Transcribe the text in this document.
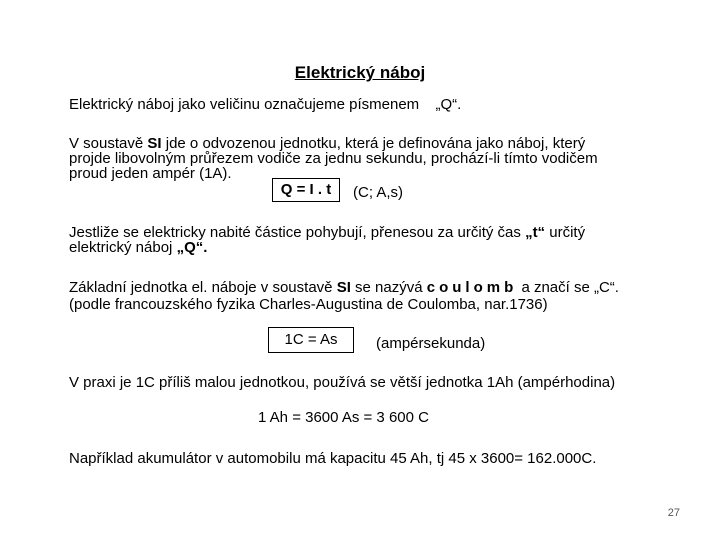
Elektrický náboj
Elektrický náboj jako veličinu označujeme písmenem „Q“.
V soustavě SI jde o odvozenou jednotku, která je definována jako náboj, který
projde libovolným průřezem vodiče za jednu sekundu, prochází-li tímto vodičem
proud jeden ampér (1A).
Q = I . t	(C; A,s)
Jestliže se elektricky nabité částice pohybují, přenesou za určitý čas „t“ určitý
elektrický náboj „Q“.
Základní jednotka el. náboje v soustavě SI se nazývá coulomb a značí se „C“.
(podle francouzského fyzika Charles-Augustina de Coulomba, nar.1736)
1C = As	(ampérsekunda)
V praxi je 1C příliš malou jednotkou, používá se větší jednotka 1Ah (ampérhodina)
1 Ah = 3600 As = 3 600 C
Například akumulátor v automobilu má kapacitu 45 Ah, tj 45 x 3600= 162.000C.
27
